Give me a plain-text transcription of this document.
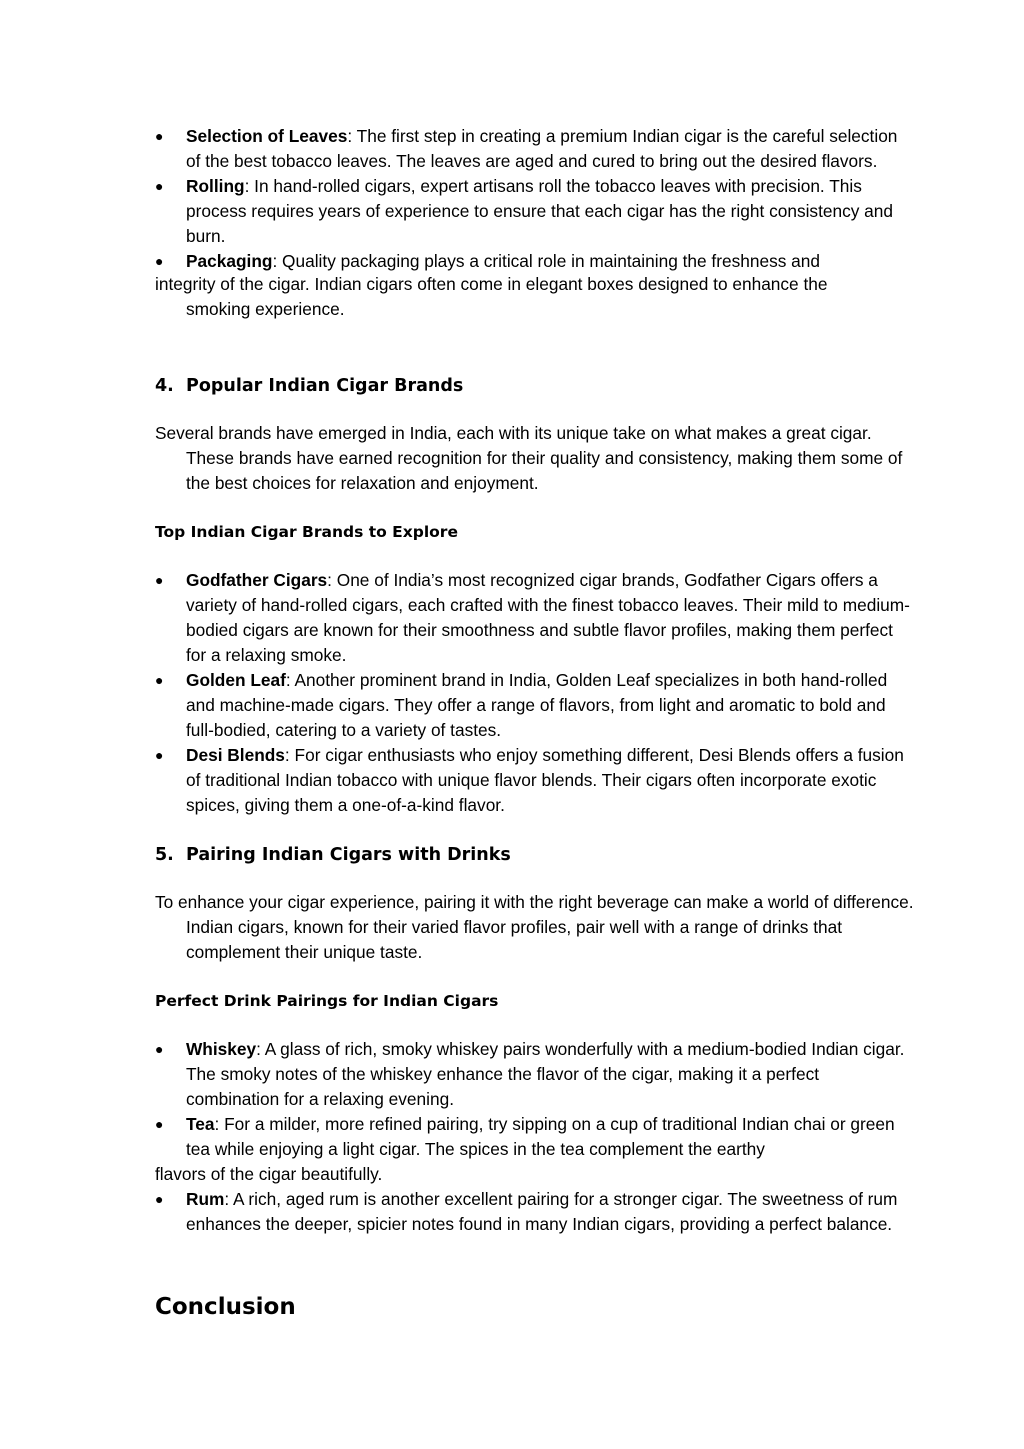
● Selection of Leaves: The first step in creating a premium Indian cigar is the careful selection of the best tobacco leaves. The leaves are aged and cured to bring out the desired flavors.
● Rolling: In hand-rolled cigars, expert artisans roll the tobacco leaves with precision. This process requires years of experience to ensure that each cigar has the right consistency and burn.
● Packaging: Quality packaging plays a critical role in maintaining the freshness and

integrity of the cigar. Indian cigars often come in elegant boxes designed to enhance the

smoking experience.

4. Popular Indian Cigar Brands

Several brands have emerged in India, each with its unique take on what makes a great cigar. These brands have earned recognition for their quality and consistency, making them some of the best choices for relaxation and enjoyment.

Top Indian Cigar Brands to Explore

● Godfather Cigars: One of India’s most recognized cigar brands, Godfather Cigars offers a variety of hand-rolled cigars, each crafted with the finest tobacco leaves. Their mild to medium-bodied cigars are known for their smoothness and subtle flavor profiles, making them perfect for a relaxing smoke.
● Golden Leaf: Another prominent brand in India, Golden Leaf specializes in both hand-rolled and machine-made cigars. They offer a range of flavors, from light and aromatic to bold and full-bodied, catering to a variety of tastes.
● Desi Blends: For cigar enthusiasts who enjoy something different, Desi Blends offers a fusion of traditional Indian tobacco with unique flavor blends. Their cigars often incorporate exotic spices, giving them a one-of-a-kind flavor.

5. Pairing Indian Cigars with Drinks

To enhance your cigar experience, pairing it with the right beverage can make a world of difference. Indian cigars, known for their varied flavor profiles, pair well with a range of drinks that complement their unique taste.

Perfect Drink Pairings for Indian Cigars

● Whiskey: A glass of rich, smoky whiskey pairs wonderfully with a medium-bodied Indian cigar. The smoky notes of the whiskey enhance the flavor of the cigar, making it a perfect combination for a relaxing evening.
● Tea: For a milder, more refined pairing, try sipping on a cup of traditional Indian chai or green tea while enjoying a light cigar. The spices in the tea complement the earthy

flavors of the cigar beautifully.

● Rum: A rich, aged rum is another excellent pairing for a stronger cigar. The sweetness of rum enhances the deeper, spicier notes found in many Indian cigars, providing a perfect balance.

Conclusion
